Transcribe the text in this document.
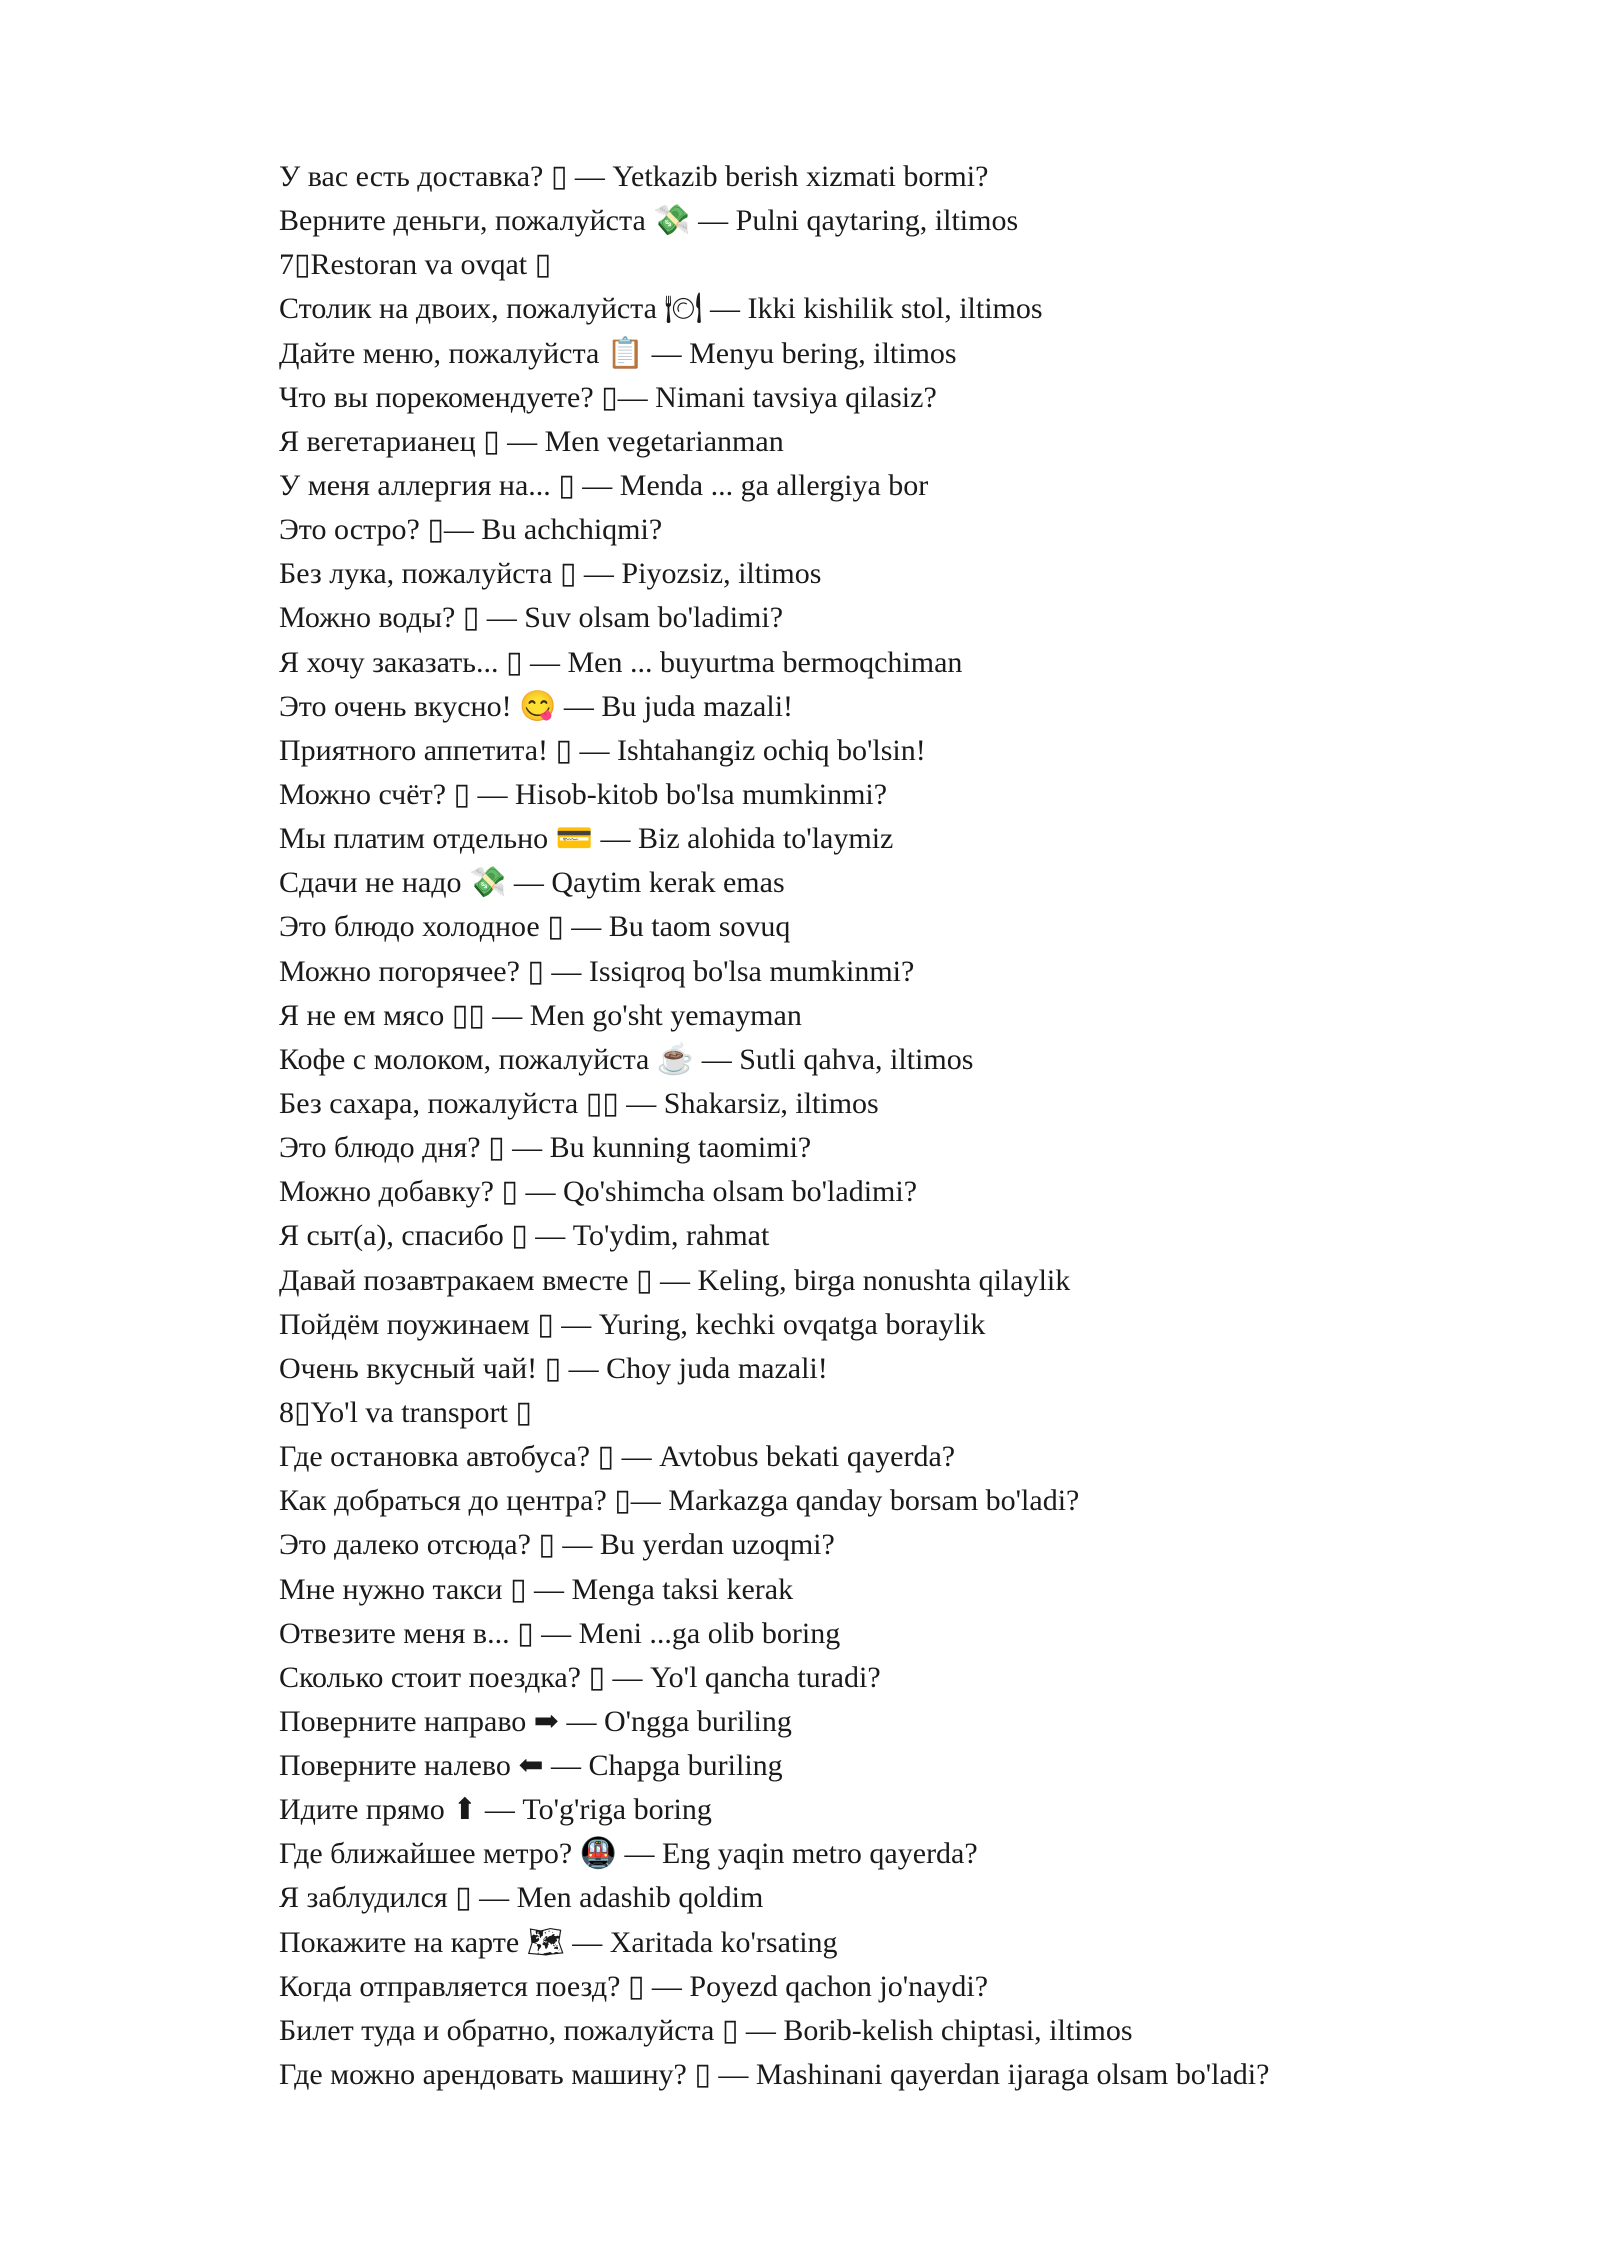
У вас есть доставка? ▯ — Yetkazib berish xizmati bormi?
Верните деньги, пожалуйста 💸 — Pulni qaytaring, iltimos
7▯Restoran va ovqat ▯
Столик на двоих, пожалуйста 🍽 — Ikki kishilik stol, iltimos
Дайте меню, пожалуйста 📋 — Menyu bering, iltimos
Что вы порекомендуете? ▯— Nimani tavsiya qilasiz?
Я вегетарианец ▯ — Men vegetarianman
У меня аллергия на... ▯ — Menda ... ga allergiya bor
Это остро? ▯— Bu achchiqmi?
Без лука, пожалуйста ▯ — Piyozsiz, iltimos
Можно воды? ▯ — Suv olsam bo'ladimi?
Я хочу заказать... ▯ — Men ... buyurtma bermoqchiman
Это очень вкусно! 😋 — Bu juda mazali!
Приятного аппетита! ▯ — Ishtahangiz ochiq bo'lsin!
Можно счёт? ▯ — Hisob-kitob bo'lsa mumkinmi?
Мы платим отдельно 💳 — Biz alohida to'laymiz
Сдачи не надо 💸 — Qaytim kerak emas
Это блюдо холодное ▯ — Bu taom sovuq
Можно погорячее? ▯ — Issiqroq bo'lsa mumkinmi?
Я не ем мясо ▯▯ — Men go'sht yemayman
Кофе с молоком, пожалуйста ☕ — Sutli qahva, iltimos
Без сахара, пожалуйста ▯▯ — Shakarsiz, iltimos
Это блюдо дня? ▯ — Bu kunning taomimi?
Можно добавку? ▯ — Qo'shimcha olsam bo'ladimi?
Я сыт(а), спасибо ▯ — To'ydim, rahmat
Давай позавтракаем вместе ▯ — Keling, birga nonushta qilaylik
Пойдём поужинаем ▯ — Yuring, kechki ovqatga boraylik
Очень вкусный чай! ▯ — Choy juda mazali!
8▯Yo'l va transport ▯
Где остановка автобуса? ▯ — Avtobus bekati qayerda?
Как добраться до центра? ▯— Markazga qanday borsam bo'ladi?
Это далеко отсюда? ▯ — Bu yerdan uzoqmi?
Мне нужно такси ▯ — Menga taksi kerak
Отвезите меня в... ▯ — Meni ...ga olib boring
Сколько стоит поездка? ▯ — Yo'l qancha turadi?
Поверните направо ➡ — O'ngga buriling
Поверните налево ⬅ — Chapga buriling
Идите прямо ⬆ — To'g'riga boring
Где ближайшее метро? 🚇 — Eng yaqin metro qayerda?
Я заблудился ▯ — Men adashib qoldim
Покажите на карте 🗺 — Xaritada ko'rsating
Когда отправляется поезд? ▯ — Poyezd qachon jo'naydi?
Билет туда и обратно, пожалуйста ▯ — Borib-kelish chiptasi, iltimos
Где можно арендовать машину? ▯ — Mashinani qayerdan ijaraga olsam bo'ladi?
